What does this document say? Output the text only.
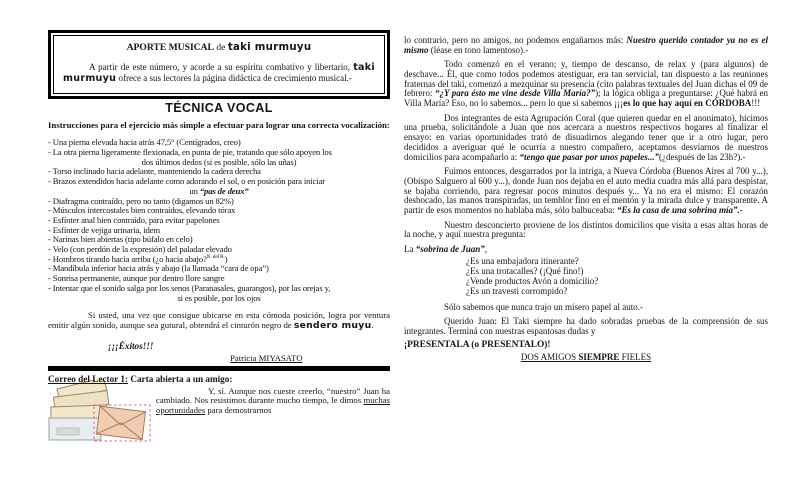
APORTE MUSICAL de taki murmuyu
A partir de este número, y acorde a su espíritu combativo y libertario, taki murmuyu ofrece a sus lectores la página didáctica de crecimiento musical.-
TÉCNICA VOCAL
Instrucciones para el ejercicio más simple a efectuar para lograr una correcta vocalización:
- Una pierna elevada hacia atrás 47,5° (Centígrados, creo)
- La otra pierna ligeramente flexionada, en punta de pie, tratando que sólo apoyen los
dos últimos dedos (si es posible, sólo las uñas)
- Torso inclinado hacia adelante, manteniendo la cadera derecha
- Brazos extendidos hacia adelante como adorando el sol, o en posición para iniciar
un “pas de deux”
- Diafragma contraído, pero no tanto (digamos un 82%)
- Músculos intercostales bien contraídos, elevando tórax
- Esfínter anal bien contraído, para evitar papelones
- Esfínter de vejiga urinaria, idem
- Narinas bien abiertas (tipo búfalo en celo)
- Velo (con perdón de la expresión) del paladar elevado
- Hombros tirando hacia arriba (¿o hacia abajo?$^{N. del R.}$)
- Mandíbula inferior hacia atrás y abajo (la llamada “cara de opa”)
- Sonrisa permanente, aunque por dentro llore sangre
- Intentar que el sonido salga por los senos (Paranasales, guarangos), por las orejas y,
si es posible, por los ojos
Si usted, una vez que consigue ubicarse en esta cómoda posición, logra por ventura emitir algún sonido, aunque sea gutural, obtendrá el cinturón negro de sendero muyu.
¡¡¡Éxitos!!!
Patricia MIYASATO
Correo del Lector 1: Carta abierta a un amigo:
Y, sí. Aunque nos cueste creerlo, “nuestro” Juan ha cambiado. Nos resistimos durante mucho tiempo, le dimos muchas oportunidades para demostrarnos
lo contrario, pero no amigos, no podemos engañarnos más: Nuestro querido contador ya no es el mismo (léase en tono lamentoso).-
Todo comenzó en el verano; y, tiempo de descanso, de relax y (para algunos) de deschave... Él, que como todos podemos atestiguar, era tan servicial, tan dispuesto a las reuniones fraternas del taki, comenzó a mezquinar su presencia (cito palabras textuales del Juan dichas el 09 de febrero: “¿Y para ésto me vine desde Villa María?”); la lógica obliga a preguntarse: ¿Qué habrá en Villa María? Eso, no lo sabemos... pero lo que sí sabemos ¡¡¡es lo que hay aquí en CÓRDOBA!!!
Dos integrantes de esta Agrupación Coral (que quieren quedar en el anonimato), hicimos una prueba, solicitándole a Juan que nos acercara a nuestros respectivos hogares al finalizar el ensayo: en varias oportunidades trató de disuadirnos alegando tener que ir a otro lugar, pero decididos a averiguar qué le ocurría a nuestro compañero, aceptamos desviarnos de nuestros domicilios para acompañarlo a: “tengo que pasar por unos papeles...”(¿después de las 23h?).-
Fuimos entonces, desgarrados por la intriga, a Nueva Córdoba (Buenos Aires al 700 y...), (Obispo Salguero al 600 y...), donde Juan nos dejaba en el auto media cuadra más allá para despistar, se bajaba corriendo, para regresar pocos minutos después y... Ya no era el mismo: El corazón desbocado, las manos transpiradas, un temblor fino en el mentón y la mirada dulce y transparente. A partir de esos momentos no hablaba más, sólo balbuceaba: “Es la casa de una sobrina mía”.-
Nuestro desconcierto proviene de los distintos domicilios que visita a esas altas horas de la noche, y aquí nuestra pregunta:
La “sobrina de Juan”,
¿Es una embajadora itinerante?
¿Es una trotacalles? (¡Qué fino!)
¿Vende productos Avón a domicilio?
¿Es un travesti corrompido?
Sólo sabemos que nunca trajo un mísero papel al auto.-
Querido Juan: El Taki siempre ha dado sobradas pruebas de la comprensión de sus integrantes. Terminá con nuestras espantosas dudas y
¡PRESENTALA (o PRESENTALO)!
DOS AMIGOS SIEMPRE FIELES
